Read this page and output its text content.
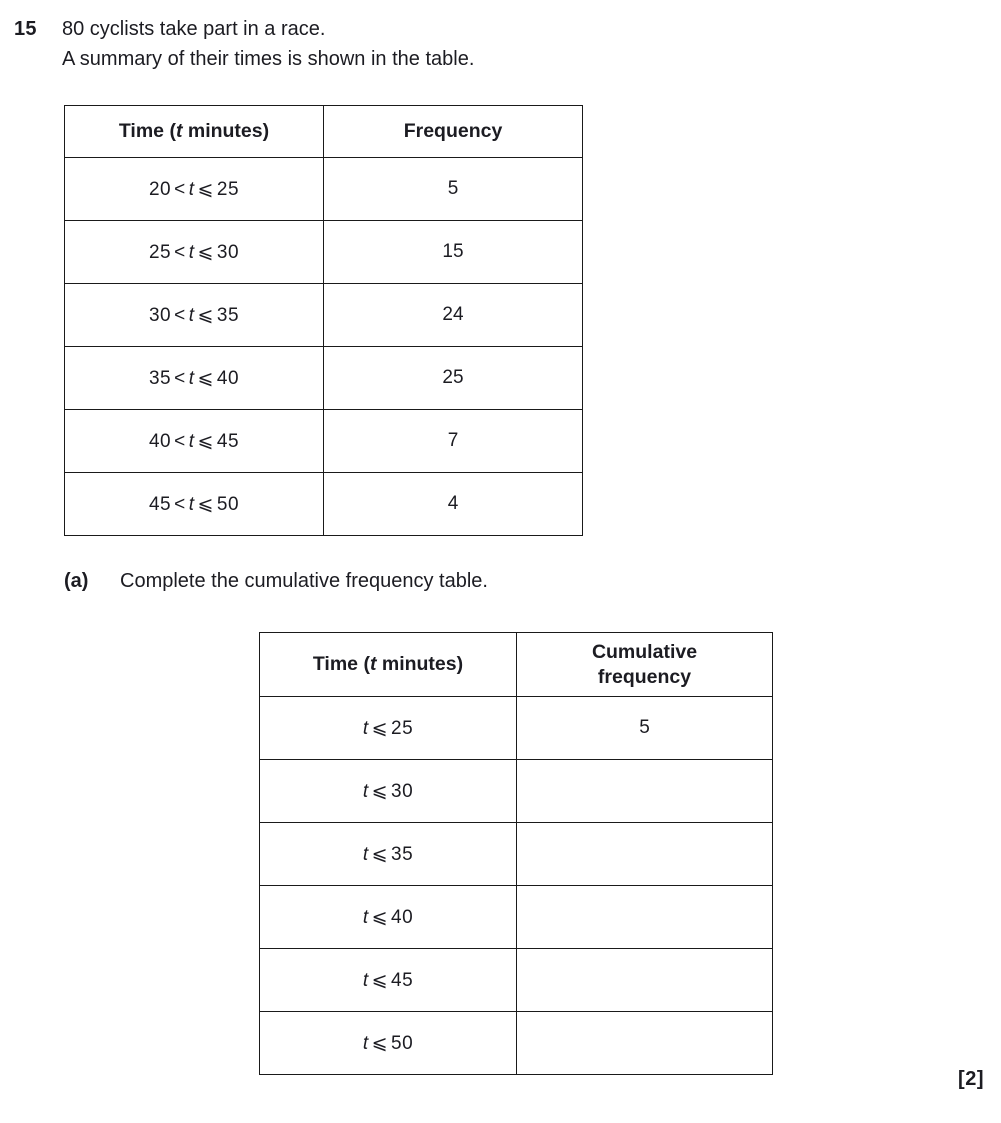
15	80 cyclists take part in a race.
A summary of their times is shown in the table.
Time (t minutes)	Frequency
20 < t ⩽ 25	5
25 < t ⩽ 30	15
30 < t ⩽ 35	24
35 < t ⩽ 40	25
40 < t ⩽ 45	7
45 < t ⩽ 50	4
(a)	Complete the cumulative frequency table.
Time (t minutes)	Cumulative
frequency

t ⩽ 25	5
t ⩽ 30	
t ⩽ 35	
t ⩽ 40	
t ⩽ 45	
t ⩽ 50	
[2]
